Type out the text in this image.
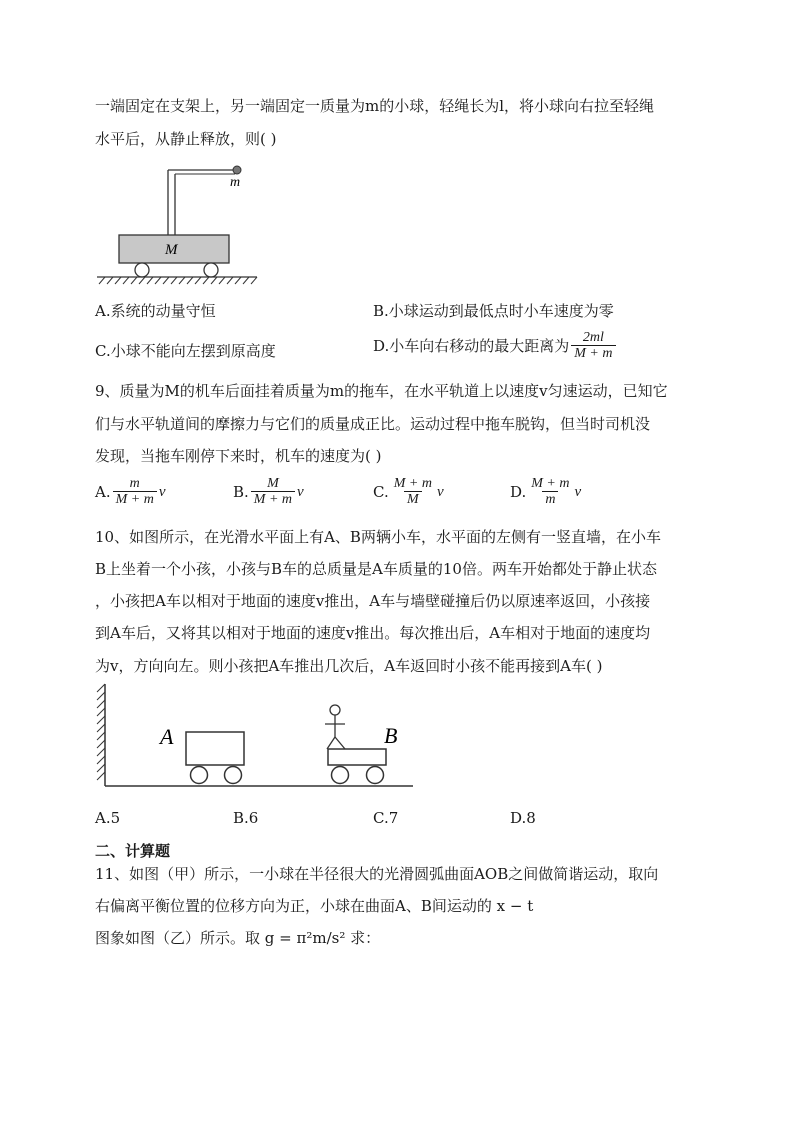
一端固定在支架上，另一端固定一质量为m的小球，轻绳长为l，将小球向右拉至轻绳
水平后，从静止释放，则( )
m
M
A.系统的动量守恒	B.小球运动到最低点时小车速度为零
C.小球不能向左摆到原高度	D.小车向右移动的最大距离为 $\frac{2ml}{M + m}$
9、质量为M的机车后面挂着质量为m的拖车，在水平轨道上以速度v匀速运动，已知它
们与水平轨道间的摩擦力与它们的质量成正比。运动过程中拖车脱钩，但当时司机没
发现，当拖车刚停下来时，机车的速度为( )
A. $\frac{m}{M + m}$ v	B. $\frac{M}{M + m}$ v	C. $\frac{M + m}{M}$ v	D. $\frac{M + m}{m}$ v
10、如图所示，在光滑水平面上有A、B两辆小车，水平面的左侧有一竖直墙，在小车
B上坐着一个小孩，小孩与B车的总质量是A车质量的10倍。两车开始都处于静止状态
，小孩把A车以相对于地面的速度v推出，A车与墙壁碰撞后仍以原速率返回，小孩接
到A车后，又将其以相对于地面的速度v推出。每次推出后，A车相对于地面的速度均
为v，方向向左。则小孩把A车推出几次后，A车返回时小孩不能再接到A车( )
A	B
A.5	B.6	C.7	D.8
二、计算题
11、如图（甲）所示，一小球在半径很大的光滑圆弧曲面AOB之间做简谐运动，取向
右偏离平衡位置的位移方向为正，小球在曲面A、B间运动的 x − t
图象如图（乙）所示。取 g = π²m/s² 求：
